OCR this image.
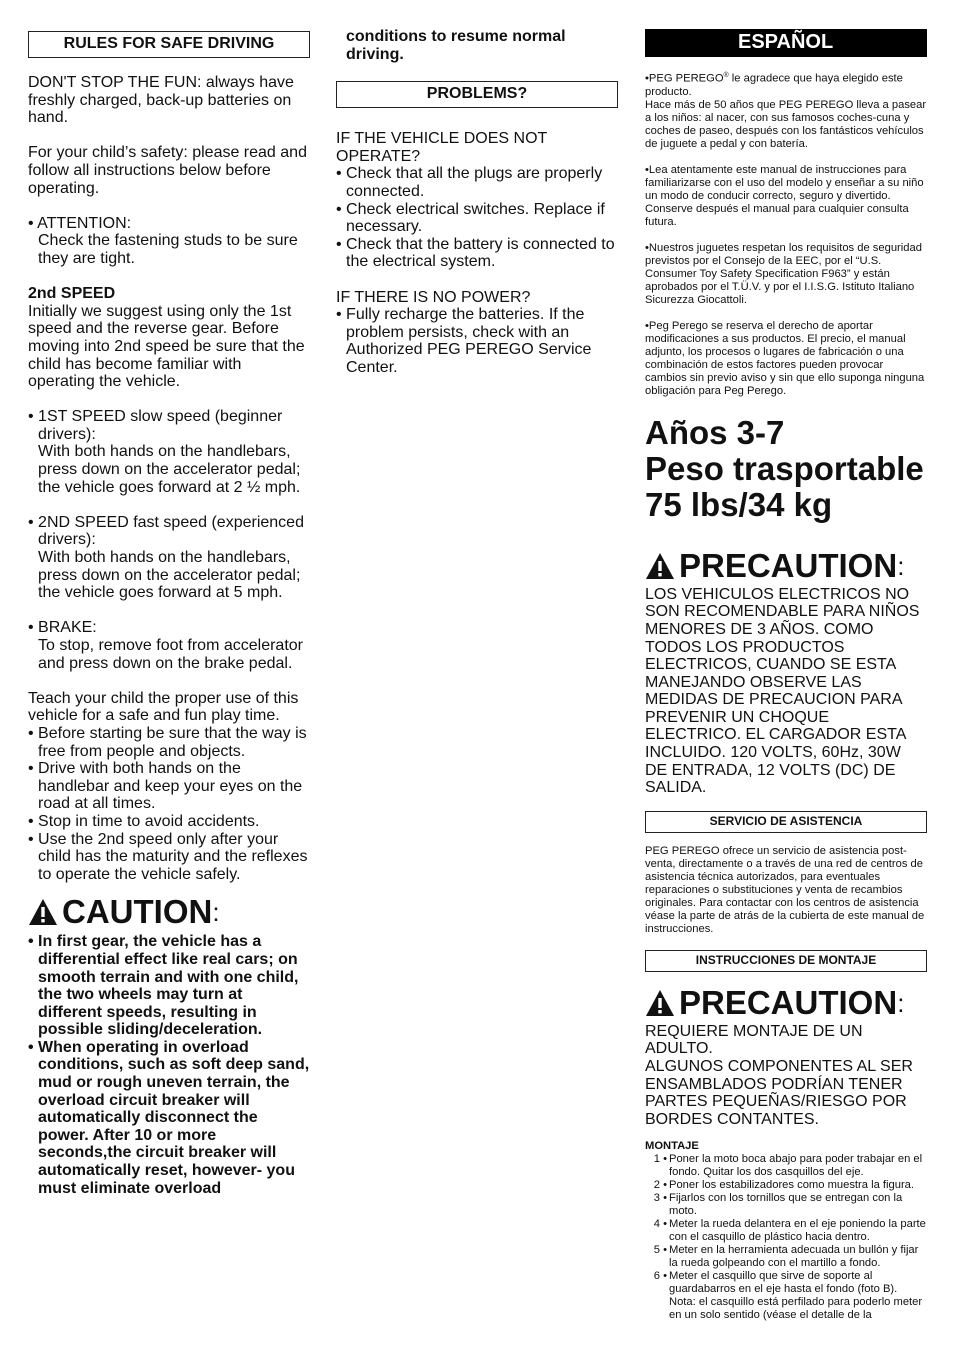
RULES FOR SAFE DRIVING

DON'T STOP THE FUN: always have freshly charged, back-up batteries on hand.

For your child’s safety: please read and follow all instructions below before operating.

• ATTENTION:

Check the fastening studs to be sure they are tight.

2nd SPEED

Initially we suggest using only the 1st speed and the reverse gear. Before moving into 2nd speed be sure that the child has become familiar with operating the vehicle.

• 1ST SPEED slow speed (beginner drivers):

With both hands on the handlebars, press down on the accelerator pedal; the vehicle goes forward at 2 ½ mph.

• 2ND SPEED fast speed (experienced drivers):

With both hands on the handlebars, press down on the accelerator pedal; the vehicle goes forward at 5 mph.

• BRAKE:

To stop, remove foot from accelerator and press down on the brake pedal.

Teach your child the proper use of this vehicle for a safe and fun play time.

• Before starting be sure that the way is free from people and objects.

• Drive with both hands on the handlebar and keep your eyes on the road at all times.

• Stop in time to avoid accidents.

• Use the 2nd speed only after your child has the maturity and the reflexes to operate the vehicle safely.

CAUTION :

• In first gear, the vehicle has a differential effect like real cars; on smooth terrain and with one child, the two wheels may turn at different speeds, resulting in possible sliding/deceleration.

• When operating in overload conditions, such as soft deep sand, mud or rough uneven terrain, the overload circuit breaker will automatically disconnect the power. After 10 or more seconds,the circuit breaker will automatically reset, however- you must eliminate overload

conditions to resume normal driving.
PROBLEMS?

IF THE VEHICLE DOES NOT OPERATE?

• Check that all the plugs are properly connected.

• Check electrical switches. Replace if necessary.

• Check that the battery is connected to the electrical system.

IF THERE IS NO POWER?

• Fully recharge the batteries. If the problem persists, check with an Authorized PEG PEREGO Service Center.

ESPAÑOL

•PEG PEREGO® le agradece que haya elegido este producto.

Hace más de 50 años que PEG PEREGO lleva a pasear a los niños: al nacer, con sus famosos coches-cuna y coches de paseo, después con los fantásticos vehículos de juguete a pedal y con batería.

•Lea atentamente este manual de instrucciones para familiarizarse con el uso del modelo y enseñar a su niño un modo de conducir correcto, seguro y divertido. Conserve después el manual para cualquier consulta futura.

•Nuestros juguetes respetan los requisitos de seguridad previstos por el Consejo de la EEC, por el “U.S. Consumer Toy Safety Specification F963” y están aprobados por el T.Ü.V. y por el I.I.S.G. Istituto Italiano Sicurezza Giocattoli.

•Peg Perego se reserva el derecho de aportar modificaciones a sus productos. El precio, el manual adjunto, los procesos o lugares de fabricación o una combinación de estos factores pueden provocar cambios sin previo aviso y sin que ello suponga ninguna obligación para Peg Perego.

Años 3-7

Peso trasportable

75 lbs/34 kg

PRECAUTION :
LOS VEHICULOS ELECTRICOS NO SON RECOMENDABLE PARA NIÑOS MENORES DE 3 AÑOS. COMO TODOS LOS PRODUCTOS ELECTRICOS, CUANDO SE ESTA MANEJANDO OBSERVE LAS MEDIDAS DE PRECAUCION PARA PREVENIR UN CHOQUE ELECTRICO. EL CARGADOR ESTA INCLUIDO. 120 VOLTS, 60Hz, 30W DE ENTRADA, 12 VOLTS (DC) DE SALIDA.
SERVICIO DE ASISTENCIA
PEG PEREGO ofrece un servicio de asistencia post-venta, directamente o a través de una red de centros de asistencia técnica autorizados, para eventuales reparaciones o substituciones y venta de recambios originales. Para contactar con los centros de asistencia véase la parte de atrás de la cubierta de este manual de instrucciones.
INSTRUCCIONES DE MONTAJE
PRECAUTION :
REQUIERE MONTAJE DE UN ADULTO.
ALGUNOS COMPONENTES AL SER ENSAMBLADOS PODRÍAN TENER PARTES PEQUEÑAS/RIESGO POR BORDES CONTANTES.
MONTAJE
1 • Poner la moto boca abajo para poder trabajar en el fondo. Quitar los dos casquillos del eje.
2 • Poner los estabilizadores como muestra la figura.
3 • Fijarlos con los tornillos que se entregan con la moto.
4 • Meter la rueda delantera en el eje poniendo la parte con el casquillo de plástico hacia dentro.
5 • Meter en la herramienta adecuada un bullón y fijar la rueda golpeando con el martillo a fondo.
6 • Meter el casquillo que sirve de soporte al guardabarros en el eje hasta el fondo (foto B). Nota: el casquillo está perfilado para poderlo meter en un solo sentido (véase el detalle de la
